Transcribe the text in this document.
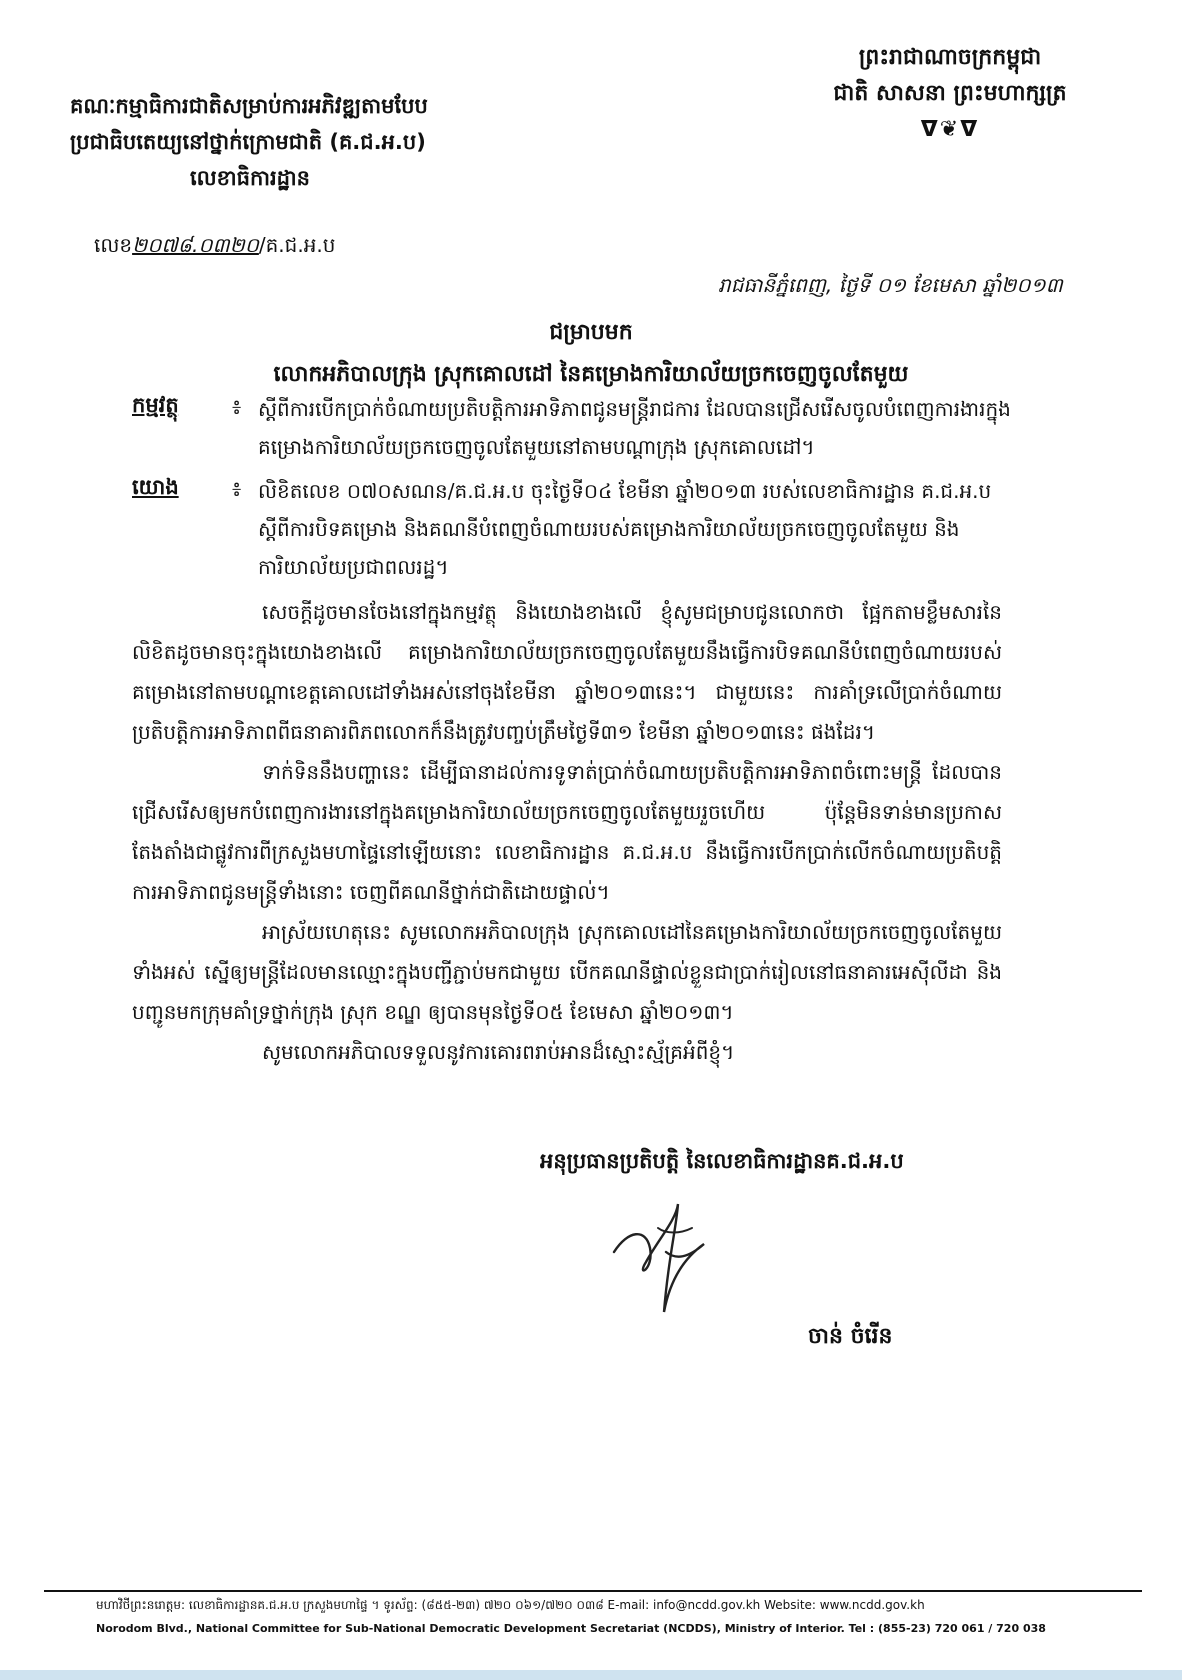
ព្រះរាជាណាចក្រកម្ពុជា
ជាតិ សាសនា ព្រះមហាក្សត្រ
ᐁ❦ᐁ
គណៈកម្មាធិការជាតិសម្រាប់ការអភិវឌ្ឍតាមបែប
ប្រជាធិបតេយ្យនៅថ្នាក់ក្រោមជាតិ (គ.ជ.អ.ប)
លេខាធិការដ្ឋាន
លេខ២០៧៨.០៣២០/គ.ជ.អ.ប
រាជធានីភ្នំពេញ, ថ្ងៃទី ០១ ខែមេសា ឆ្នាំ២០១៣
ជម្រាបមក
លោកអភិបាលក្រុង ស្រុកគោលដៅ នៃគម្រោងការិយាល័យច្រកចេញចូលតែមួយ
កម្មវត្ថុ	៖ ស្ដីពីការបើកប្រាក់ចំណាយប្រតិបត្តិការអាទិភាពជូនមន្ត្រីរាជការ ដែលបានជ្រើសរើសចូលបំពេញការងារក្នុងគម្រោងការិយាល័យច្រកចេញចូលតែមួយនៅតាមបណ្ដាក្រុង ស្រុកគោលដៅ។
យោង	៖ លិខិតលេខ ០៧០សណន/គ.ជ.អ.ប ចុះថ្ងៃទី០៤ ខែមីនា ឆ្នាំ២០១៣ របស់លេខាធិការដ្ឋាន គ.ជ.អ.ប ស្ដីពីការបិទគម្រោង និងគណនីបំពេញចំណាយរបស់គម្រោងការិយាល័យច្រកចេញចូលតែមួយ និងការិយាល័យប្រជាពលរដ្ឋ។
សេចក្ដីដូចមានចែងនៅក្នុងកម្មវត្ថុ និងយោងខាងលើ ខ្ញុំសូមជម្រាបជូនលោកថា ផ្អែកតាមខ្លឹមសារនៃលិខិតដូចមានចុះក្នុងយោងខាងលើ គម្រោងការិយាល័យច្រកចេញចូលតែមួយនឹងធ្វើការបិទគណនីបំពេញចំណាយរបស់គម្រោងនៅតាមបណ្ដាខេត្តគោលដៅទាំងអស់នៅចុងខែមីនា ឆ្នាំ២០១៣នេះ។ ជាមួយនេះ ការគាំទ្រលើប្រាក់ចំណាយប្រតិបត្តិការអាទិភាពពីធនាគារពិភពលោកក៏នឹងត្រូវបញ្ចប់ត្រឹមថ្ងៃទី៣១ ខែមីនា ឆ្នាំ២០១៣នេះ ផងដែរ។
ទាក់ទិននឹងបញ្ហានេះ ដើម្បីធានាដល់ការទូទាត់ប្រាក់ចំណាយប្រតិបត្តិការអាទិភាពចំពោះមន្ត្រី ដែលបានជ្រើសរើសឲ្យមកបំពេញការងារនៅក្នុងគម្រោងការិយាល័យច្រកចេញចូលតែមួយរួចហើយ ប៉ុន្តែមិនទាន់មានប្រកាសតែងតាំងជាផ្លូវការពីក្រសួងមហាផ្ទៃនៅឡើយនោះ លេខាធិការដ្ឋាន គ.ជ.អ.ប នឹងធ្វើការបើកប្រាក់លើកចំណាយប្រតិបត្តិការអាទិភាពជូនមន្ត្រីទាំងនោះ ចេញពីគណនីថ្នាក់ជាតិដោយផ្ទាល់។
អាស្រ័យហេតុនេះ សូមលោកអភិបាលក្រុង ស្រុកគោលដៅនៃគម្រោងការិយាល័យច្រកចេញចូលតែមួយទាំងអស់ ស្នើឲ្យមន្ត្រីដែលមានឈ្មោះក្នុងបញ្ជីភ្ជាប់មកជាមួយ បើកគណនីផ្ទាល់ខ្លួនជាប្រាក់រៀលនៅធនាគារអេស៊ីលីដា និងបញ្ជូនមកក្រុមគាំទ្រថ្នាក់ក្រុង ស្រុក ខណ្ឌ ឲ្យបានមុនថ្ងៃទី០៥ ខែមេសា ឆ្នាំ២០១៣។
សូមលោកអភិបាលទទួលនូវការគោរពរាប់អានដ៏ស្មោះស្ម័គ្រអំពីខ្ញុំ។
អនុប្រធានប្រតិបត្តិ នៃលេខាធិការដ្ឋានគ.ជ.អ.ប
ចាន់ ចំរើន
មហាវិថីព្រះនរោត្តម: លេខាធិការដ្ឋានគ.ជ.អ.ប ក្រសួងមហាផ្ទៃ ។ ទូរស័ព្ទ: (៨៥៥-២៣) ៧២០ ០៦១/៧២០ ០៣៨ E-mail: info@ncdd.gov.kh Website: www.ncdd.gov.kh
Norodom Blvd., National Committee for Sub-National Democratic Development Secretariat (NCDDS), Ministry of Interior. Tel : (855-23) 720 061 / 720 038
